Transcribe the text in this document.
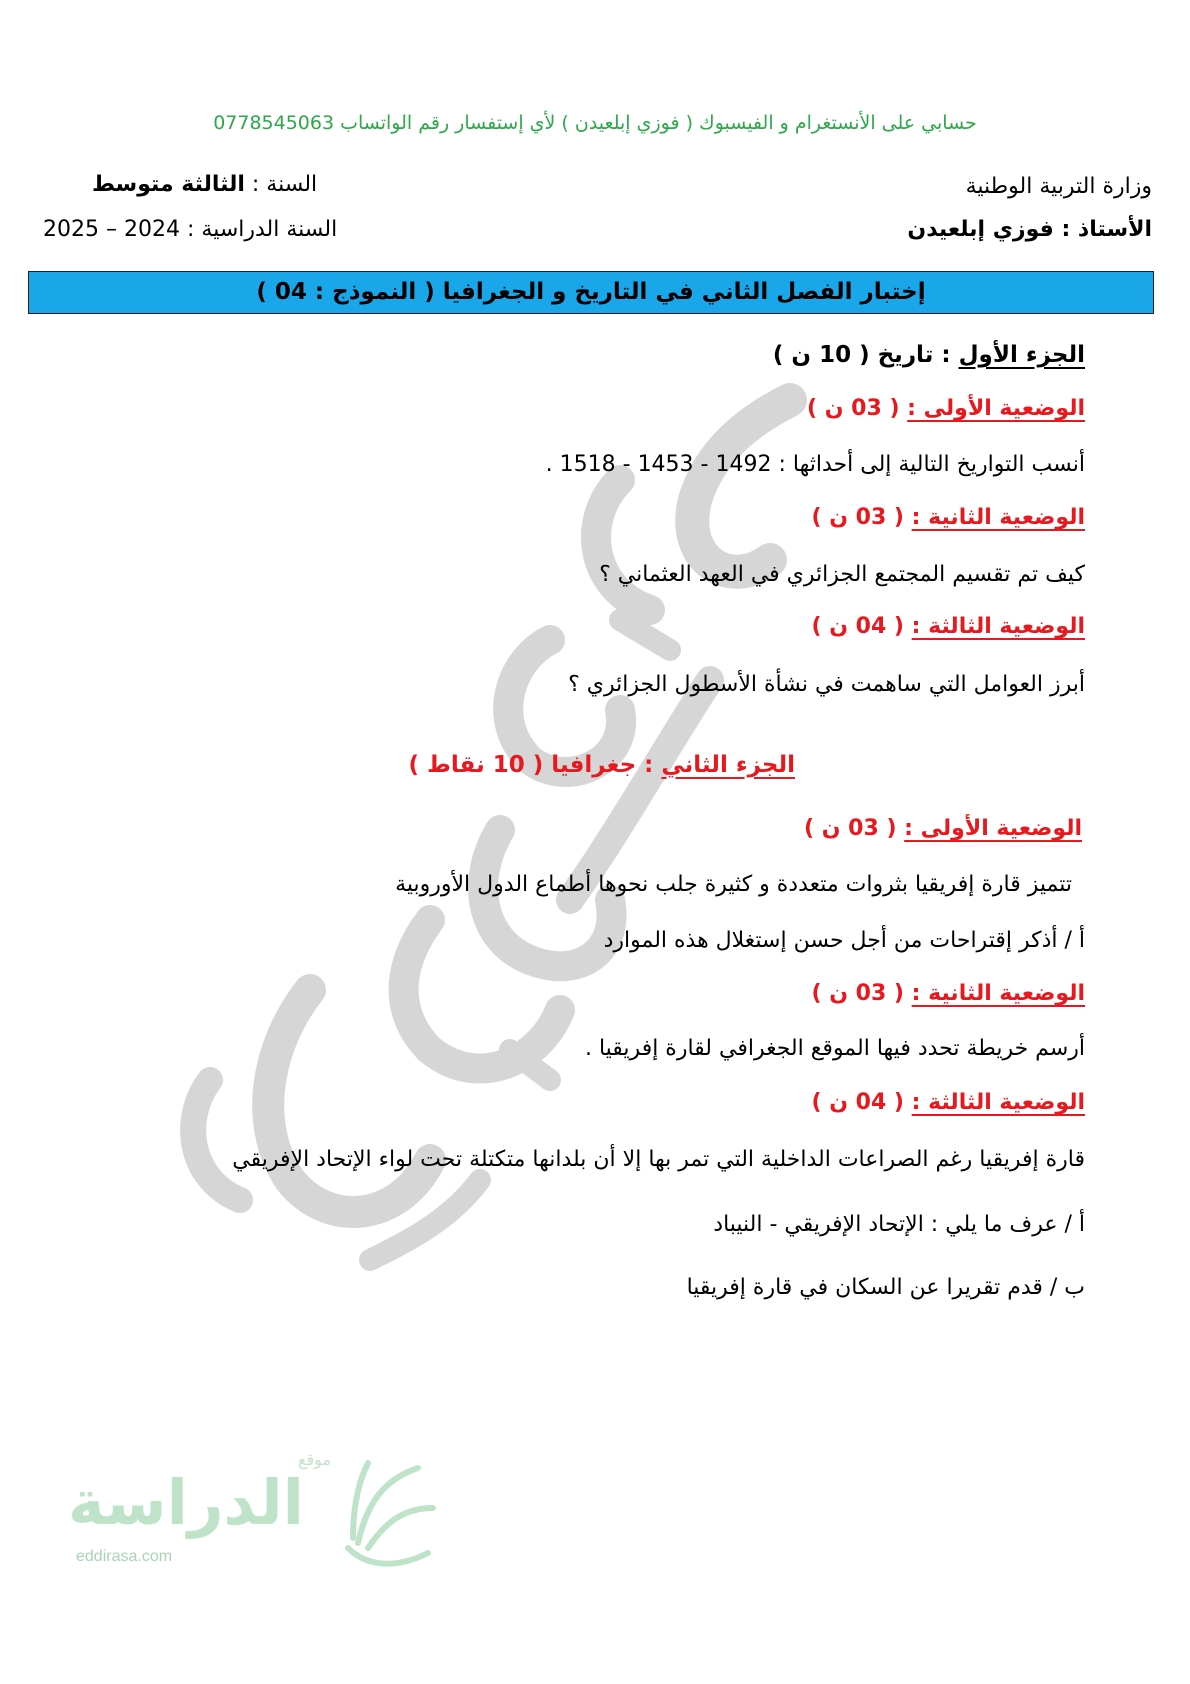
حسابي على الأنستغرام و الفيسبوك ( فوزي إبلعيدن ) لأي إستفسار رقم الواتساب 0778545063
وزارة التربية الوطنية
الأستاذ : فوزي إبلعيدن
السنة : الثالثة متوسط
السنة الدراسية : 2024 – 2025
إختبار الفصل الثاني في التاريخ و الجغرافيا ( النموذج : 04 )
الجزء الأول : تاريخ ( 10 ن )
الوضعية الأولى : ( 03 ن )
أنسب التواريخ التالية إلى أحداثها : 1492 - 1453 - 1518 .
الوضعية الثانية : ( 03 ن )
كيف تم تقسيم المجتمع الجزائري في العهد العثماني ؟
الوضعية الثالثة : ( 04 ن )
أبرز العوامل التي ساهمت في نشأة الأسطول الجزائري ؟
الجزء الثاني : جغرافيا ( 10 نقاط )
الوضعية الأولى : ( 03 ن )
تتميز قارة إفريقيا بثروات متعددة و كثيرة جلب نحوها أطماع الدول الأوروبية
أ / أذكر إقتراحات من أجل حسن إستغلال هذه الموارد
الوضعية الثانية : ( 03 ن )
أرسم خريطة تحدد فيها الموقع الجغرافي لقارة إفريقيا .
الوضعية الثالثة : ( 04 ن )
قارة إفريقيا رغم الصراعات الداخلية التي تمر بها إلا أن بلدانها متكتلة تحت لواء الإتحاد الإفريقي
أ / عرف ما يلي : الإتحاد الإفريقي - النيباد
ب / قدم تقريرا عن السكان في قارة إفريقيا
موقع
الدراسة
eddirasa.com
